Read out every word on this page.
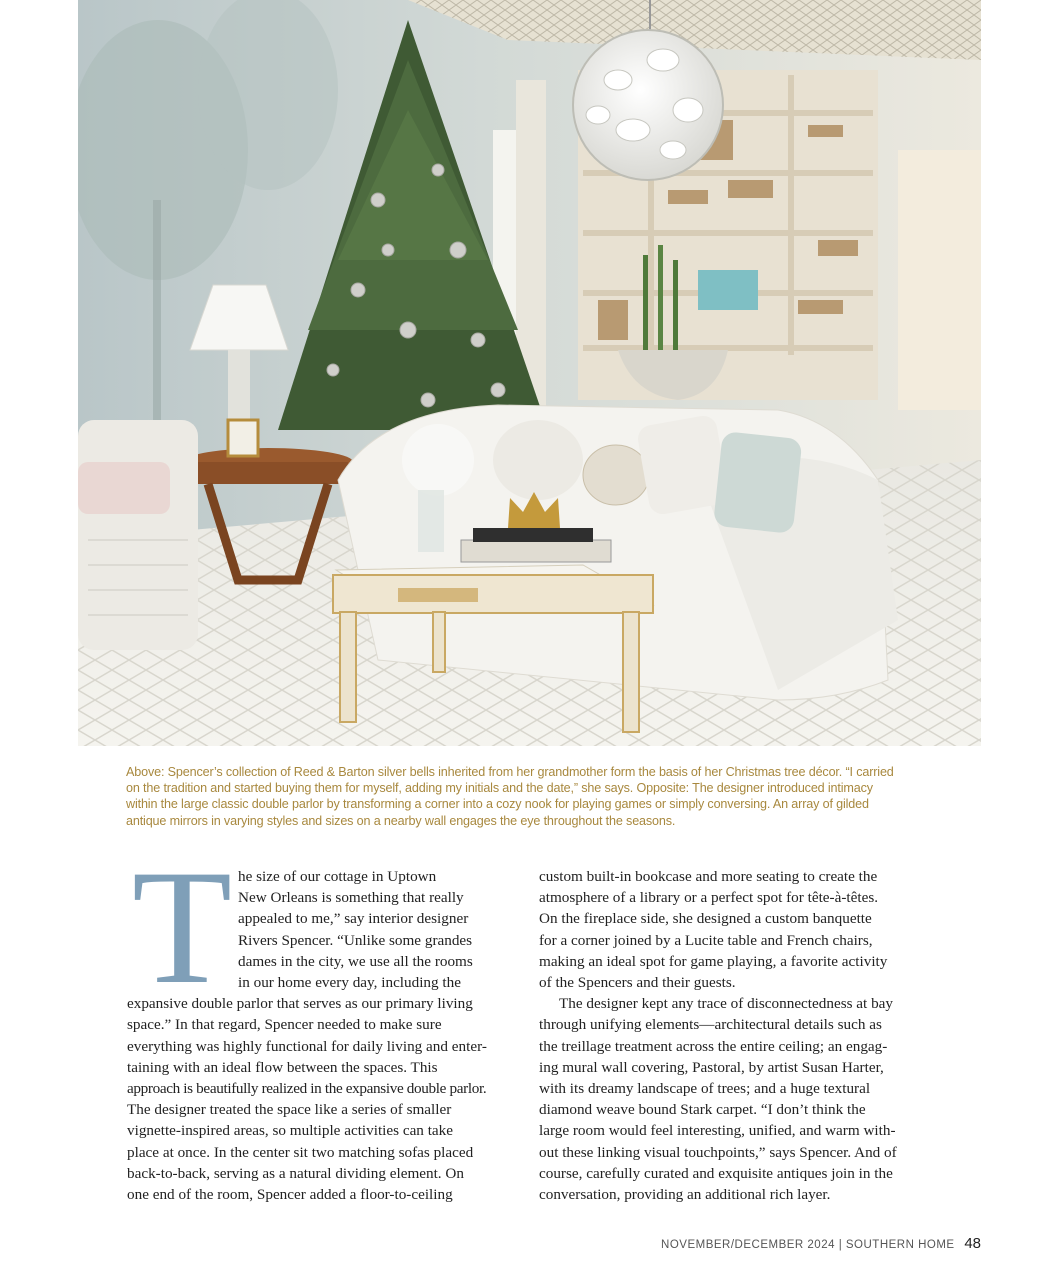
Above: Spencer’s collection of Reed & Barton silver bells inherited from her grandmother form the basis of her Christmas tree décor. “I carried
on the tradition and started buying them for myself, adding my initials and the date,” she says. Opposite: The designer introduced intimacy
within the large classic double parlor by transforming a corner into a cozy nook for playing games or simply conversing. An array of gilded
antique mirrors in varying styles and sizes on a nearby wall engages the eye throughout the seasons.
T he size of our cottage in Uptown
New Orleans is something that really
appealed to me,” say interior designer
Rivers Spencer. “Unlike some grandes
dames in the city, we use all the rooms
in our home every day, including the
expansive double parlor that serves as our primary living
space.” In that regard, Spencer needed to make sure
everything was highly functional for daily living and enter-
taining with an ideal flow between the spaces. This
approach is beautifully realized in the expansive double parlor.
The designer treated the space like a series of smaller
vignette-inspired areas, so multiple activities can take
place at once. In the center sit two matching sofas placed
back-to-back, serving as a natural dividing element. On
one end of the room, Spencer added a floor-to-ceiling
custom built-in bookcase and more seating to create the
atmosphere of a library or a perfect spot for tête-à-têtes.
On the fireplace side, she designed a custom banquette
for a corner joined by a Lucite table and French chairs,
making an ideal spot for game playing, a favorite activity
of the Spencers and their guests.
The designer kept any trace of disconnectedness at bay
through unifying elements—architectural details such as
the treillage treatment across the entire ceiling; an engag-
ing mural wall covering, Pastoral, by artist Susan Harter,
with its dreamy landscape of trees; and a huge textural
diamond weave bound Stark carpet. “I don’t think the
large room would feel interesting, unified, and warm with-
out these linking visual touchpoints,” says Spencer. And of
course, carefully curated and exquisite antiques join in the
conversation, providing an additional rich layer.
NOVEMBER/DECEMBER 2024 | SOUTHERN HOME 48
